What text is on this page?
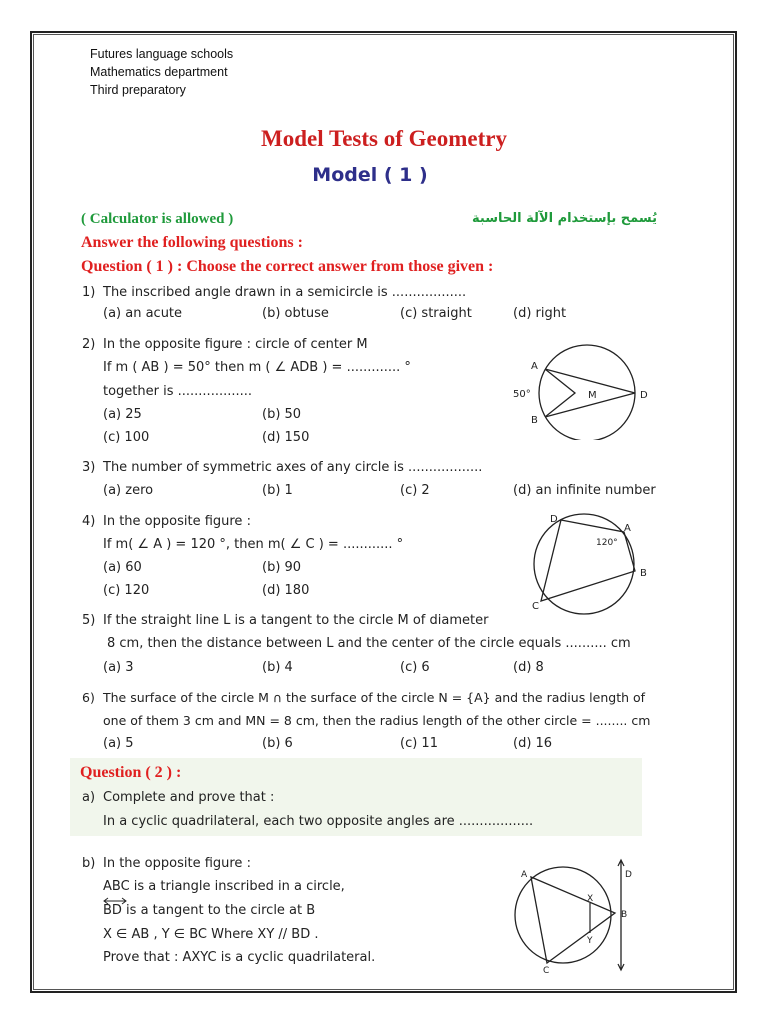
Futures language schools
Mathematics department
Third preparatory
Model Tests of Geometry
Model ( 1 )
( Calculator is allowed )	يُسمح بإستخدام الآلة الحاسبة
Answer the following questions :
Question ( 1 ) : Choose the correct answer from those given :
1) The inscribed angle drawn in a semicircle is ..................
(a) an acute	(b) obtuse	(c) straight	(d) right
2) In the opposite figure : circle of center M
If m ( AB ) = 50° then m ( ∠ ADB ) = ............. °
together is ..................
(a) 25	(b) 50
(c) 100	(d) 150
A
B
M	D
50°
3) The number of symmetric axes of any circle is ..................
(a) zero	(b) 1	(c) 2	(d) an infinite number
4) In the opposite figure :
If m( ∠ A ) = 120 °, then m( ∠ C ) = ............ °
(a) 60	(b) 90
(c) 120	(d) 180
D
A
B
C
120°
5) If the straight line L is a tangent to the circle M of diameter
8 cm, then the distance between L and the center of the circle equals .......... cm
(a) 3	(b) 4	(c) 6	(d) 8
6) The surface of the circle M ∩ the surface of the circle N = {A} and the radius length of
one of them 3 cm and MN = 8 cm, then the radius length of the other circle = ........ cm
(a) 5	(b) 6	(c) 11	(d) 16
Question ( 2 ) :
a) Complete and prove that :
In a cyclic quadrilateral, each two opposite angles are ..................
b) In the opposite figure :
ABC is a triangle inscribed in a circle,
BD is a tangent to the circle at B
X ∈ AB , Y ∈ BC Where XY // BD .
Prove that : AXYC is a cyclic quadrilateral.
A
B
C
D
X
Y
